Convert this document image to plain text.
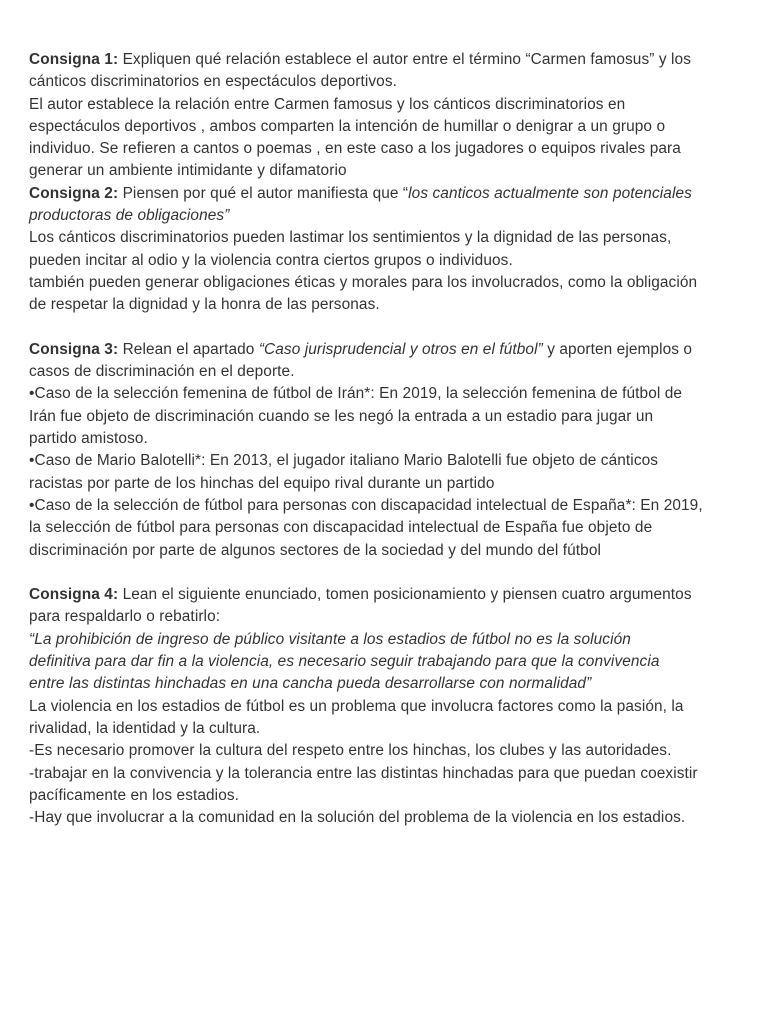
Consigna 1: Expliquen qué relación establece el autor entre el término “Carmen famosus” y los
cánticos discriminatorios en espectáculos deportivos.
El autor establece la relación entre Carmen famosus y los cánticos discriminatorios en
espectáculos deportivos , ambos comparten la intención de humillar o denigrar a un grupo o
individuo. Se refieren a cantos o poemas , en este caso a los jugadores o equipos rivales para
generar un ambiente intimidante y difamatorio
Consigna 2: Piensen por qué el autor manifiesta que “los canticos actualmente son potenciales
productoras de obligaciones”
Los cánticos discriminatorios pueden lastimar los sentimientos y la dignidad de las personas,
pueden incitar al odio y la violencia contra ciertos grupos o individuos.
también pueden generar obligaciones éticas y morales para los involucrados, como la obligación
de respetar la dignidad y la honra de las personas.
Consigna 3: Relean el apartado “Caso jurisprudencial y otros en el fútbol” y aporten ejemplos o
casos de discriminación en el deporte.
•Caso de la selección femenina de fútbol de Irán*: En 2019, la selección femenina de fútbol de
Irán fue objeto de discriminación cuando se les negó la entrada a un estadio para jugar un
partido amistoso.
•Caso de Mario Balotelli*: En 2013, el jugador italiano Mario Balotelli fue objeto de cánticos
racistas por parte de los hinchas del equipo rival durante un partido
•Caso de la selección de fútbol para personas con discapacidad intelectual de España*: En 2019,
la selección de fútbol para personas con discapacidad intelectual de España fue objeto de
discriminación por parte de algunos sectores de la sociedad y del mundo del fútbol
Consigna 4: Lean el siguiente enunciado, tomen posicionamiento y piensen cuatro argumentos
para respaldarlo o rebatirlo:
“La prohibición de ingreso de público visitante a los estadios de fútbol no es la solución
definitiva para dar fin a la violencia, es necesario seguir trabajando para que la convivencia
entre las distintas hinchadas en una cancha pueda desarrollarse con normalidad”
La violencia en los estadios de fútbol es un problema que involucra factores como la pasión, la
rivalidad, la identidad y la cultura.
-Es necesario promover la cultura del respeto entre los hinchas, los clubes y las autoridades.
-trabajar en la convivencia y la tolerancia entre las distintas hinchadas para que puedan coexistir
pacíficamente en los estadios.
-Hay que involucrar a la comunidad en la solución del problema de la violencia en los estadios.
